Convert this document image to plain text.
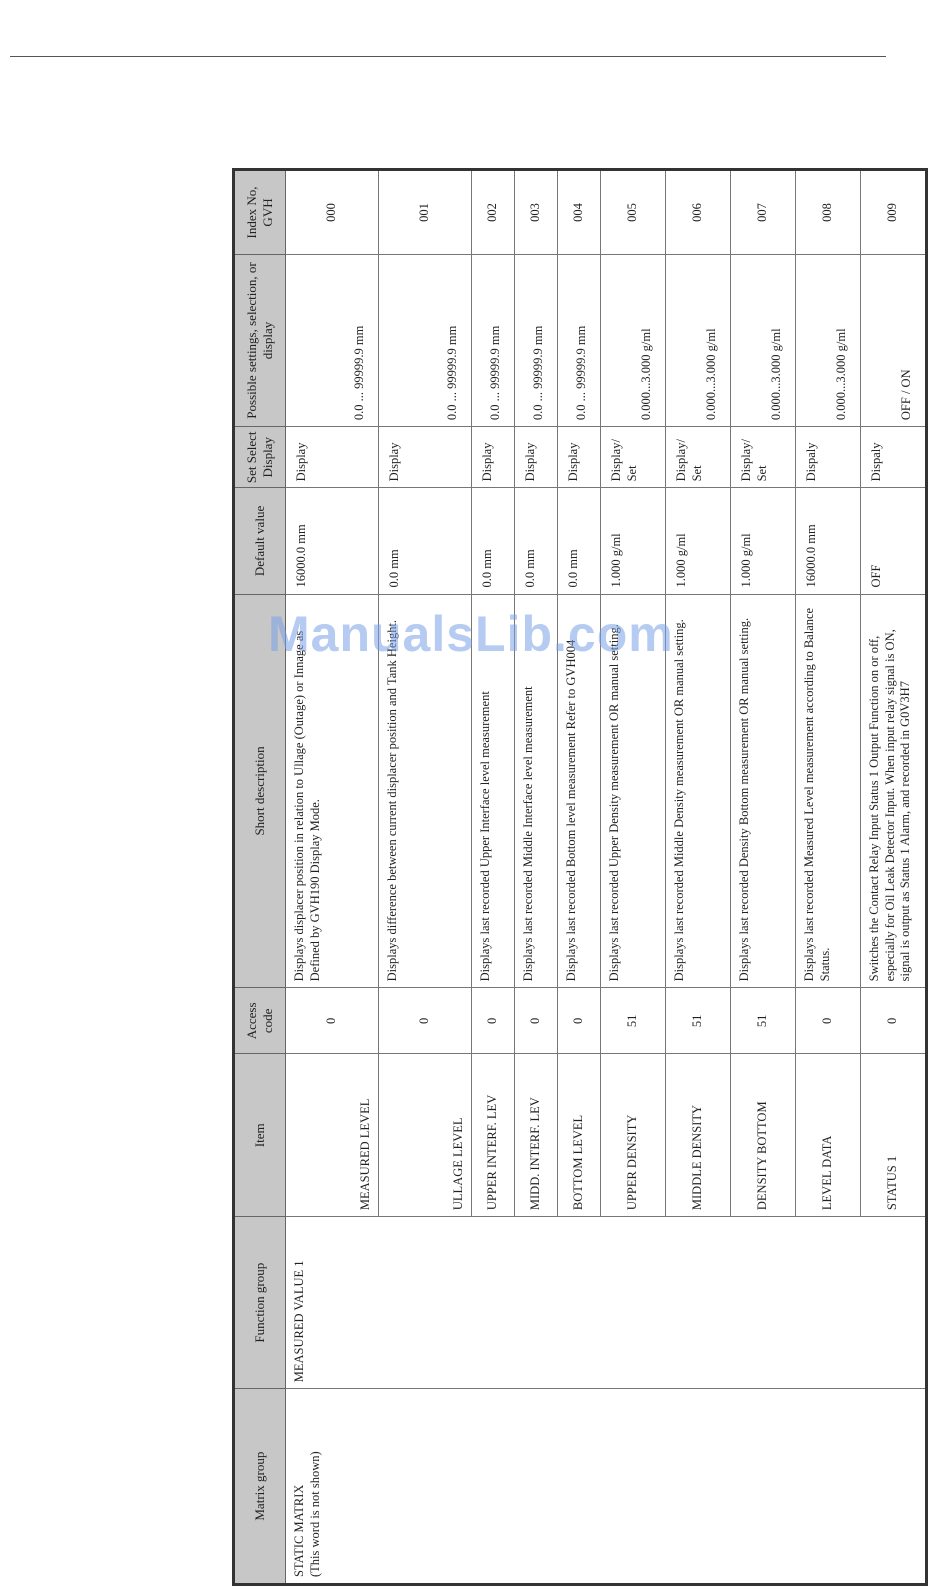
Matrix group	Function group	Item	Access code	Short description	Default value	Set Select Display	Possible settings, selection, or display	Index No, GVH
STATIC MATRIX (This word is not shown)	MEASURED VALUE 1	MEASURED LEVEL	0	Displays displacer position in relation to Ullage (Outage) or Innage as Defined by GVH190 Display Mode.	16000.0 mm	Display	0.0 ... 99999.9 mm	000
		ULLAGE LEVEL	0	Displays difference between current displacer position and Tank Height.	0.0 mm	Display	0.0 ... 99999.9 mm	001
		UPPER INTERF. LEV	0	Displays last recorded Upper Interface level measurement	0.0 mm	Display	0.0 ... 99999.9 mm	002
		MIDD. INTERF. LEV	0	Displays last recorded Middle Interface level measurement	0.0 mm	Display	0.0 ... 99999.9 mm	003
		BOTTOM LEVEL	0	Displays last recorded Bottom level measurement Refer to GVH004	0.0 mm	Display	0.0 ... 99999.9 mm	004
		UPPER DENSITY	51	Displays last recorded Upper Density measurement OR manual setting.	1.000 g/ml	Display/ Set	0.000...3.000 g/ml	005
		MIDDLE DENSITY	51	Displays last recorded Middle Density measurement OR manual setting.	1.000 g/ml	Display/ Set	0.000...3.000 g/ml	006
		DENSITY BOTTOM	51	Displays last recorded Density Bottom measurement OR manual setting.	1.000 g/ml	Display/ Set	0.000...3.000 g/ml	007
		LEVEL DATA	0	Displays last recorded Measured Level measurement according to Balance Status.	16000.0 mm	Dispaly	0.000...3.000 g/ml	008
		STATUS 1	0	Switches the Contact Relay Input Status 1 Output Function on or off, especially for Oil Leak Detector Input. When input relay signal is ON, signal is output as Status 1 Alarm, and recorded in G0V3H7	OFF	Dispaly	OFF / ON	009
ManualsLib.com
